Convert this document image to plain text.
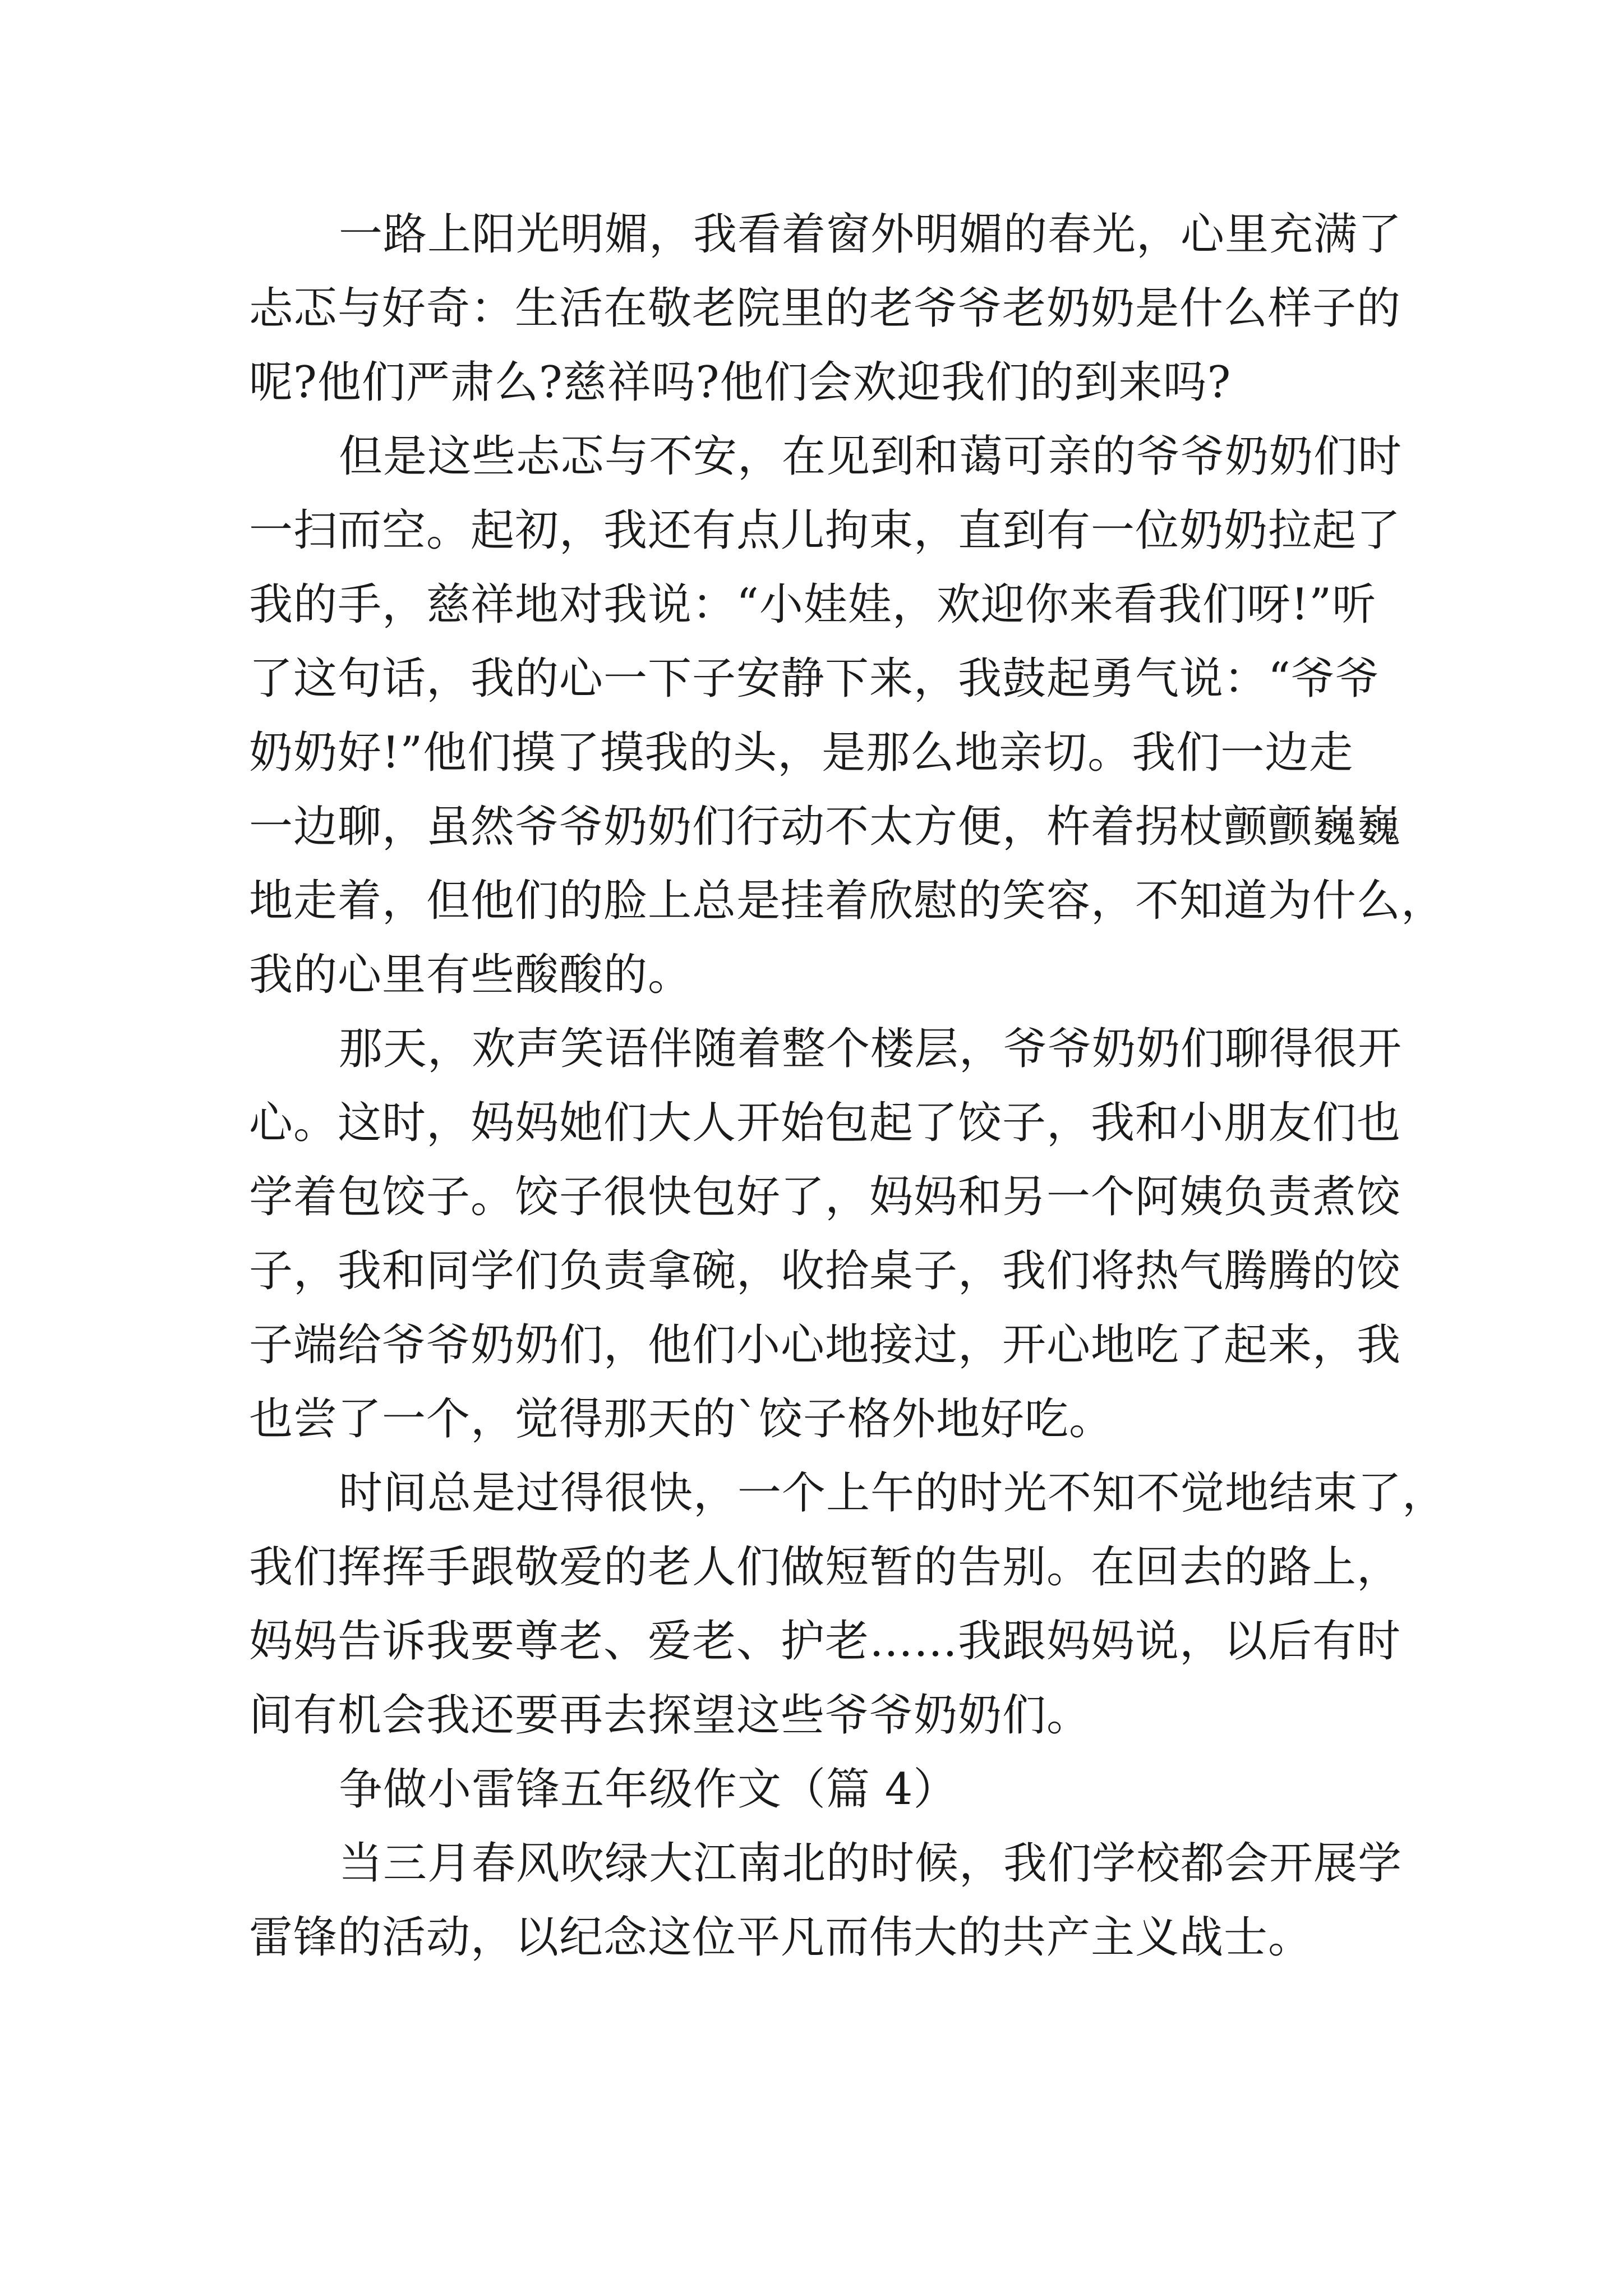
一路上阳光明媚，我看着窗外明媚的春光，心里充满了
忐忑与好奇：生活在敬老院里的老爷爷老奶奶是什么样子的
呢?他们严肃么?慈祥吗?他们会欢迎我们的到来吗?

但是这些忐忑与不安，在见到和蔼可亲的爷爷奶奶们时
一扫而空。起初，我还有点儿拘束，直到有一位奶奶拉起了
我的手，慈祥地对我说：“小娃娃，欢迎你来看我们呀!”听
了这句话，我的心一下子安静下来，我鼓起勇气说：“爷爷
奶奶好!”他们摸了摸我的头，是那么地亲切。我们一边走
一边聊，虽然爷爷奶奶们行动不太方便，杵着拐杖颤颤巍巍
地走着，但他们的脸上总是挂着欣慰的笑容，不知道为什么，
我的心里有些酸酸的。

那天，欢声笑语伴随着整个楼层，爷爷奶奶们聊得很开
心。这时，妈妈她们大人开始包起了饺子，我和小朋友们也
学着包饺子。饺子很快包好了，妈妈和另一个阿姨负责煮饺
子，我和同学们负责拿碗，收拾桌子，我们将热气腾腾的饺
子端给爷爷奶奶们，他们小心地接过，开心地吃了起来，我
也尝了一个，觉得那天的`饺子格外地好吃。

时间总是过得很快，一个上午的时光不知不觉地结束了，
我们挥挥手跟敬爱的老人们做短暂的告别。在回去的路上，
妈妈告诉我要尊老、爱老、护老……我跟妈妈说，以后有时
间有机会我还要再去探望这些爷爷奶奶们。

争做小雷锋五年级作文（篇 4）

当三月春风吹绿大江南北的时候，我们学校都会开展学
雷锋的活动，以纪念这位平凡而伟大的共产主义战士。
